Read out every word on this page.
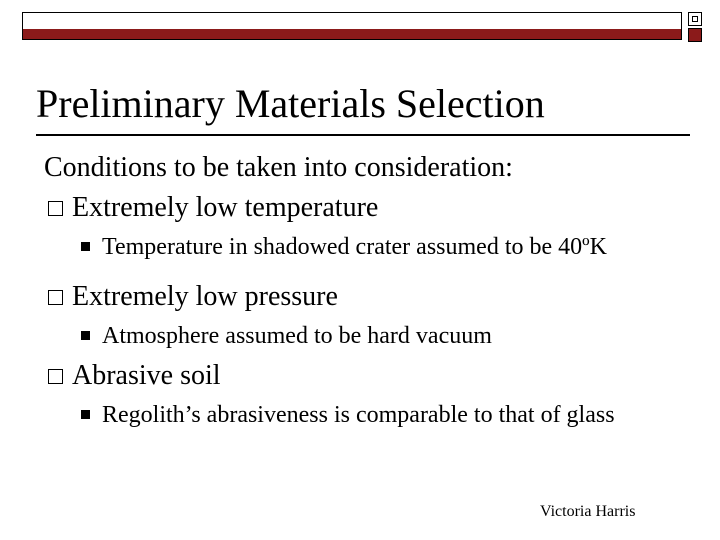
Preliminary Materials Selection
Conditions to be taken into consideration:
Extremely low temperature
Temperature in shadowed crater assumed to be 40ºK
Extremely low pressure
Atmosphere assumed to be hard vacuum
Abrasive soil
Regolith’s abrasiveness is comparable to that of glass
Victoria Harris
